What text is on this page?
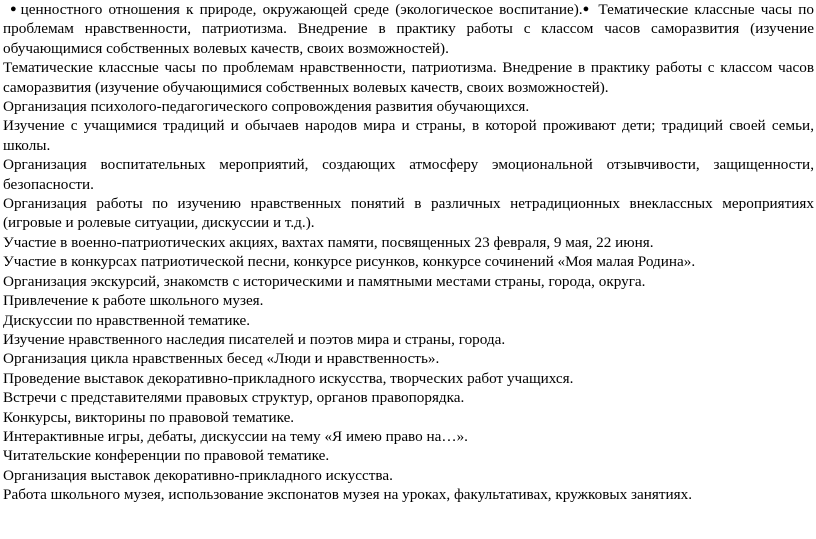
● ценностного отношения к природе, окружающей среде (экологическое воспитание).● Тематические классные часы по проблемам нравственности, патриотизма. Внедрение в практику работы с классом часов саморазвития (изучение обучающимися собственных волевых качеств, своих возможностей).

Тематические классные часы по проблемам нравственности, патриотизма. Внедрение в практику работы с классом часов саморазвития (изучение обучающимися собственных волевых качеств, своих возможностей).

Организация психолого-педагогического сопровождения развития обучающихся.

Изучение с учащимися традиций и обычаев народов мира и страны, в которой проживают дети; традиций своей семьи, школы.

Организация воспитательных мероприятий, создающих атмосферу эмоциональной отзывчивости, защищенности, безопасности.

Организация работы по изучению нравственных понятий в различных нетрадиционных внеклассных мероприятиях (игровые и ролевые ситуации, дискуссии и т.д.).

Участие в военно-патриотических акциях, вахтах памяти, посвященных 23 февраля, 9 мая, 22 июня.

Участие в конкурсах патриотической песни, конкурсе рисунков, конкурсе сочинений «Моя малая Родина».

Организация экскурсий, знакомств с историческими и памятными местами страны, города, округа.

Привлечение к работе школьного музея.

Дискуссии по нравственной тематике.

Изучение нравственного наследия писателей и поэтов мира и страны, города.

Организация цикла нравственных бесед «Люди и нравственность».

Проведение выставок декоративно-прикладного искусства, творческих работ учащихся.

Встречи с представителями правовых структур, органов правопорядка.

Конкурсы, викторины по правовой тематике.

Интерактивные игры, дебаты, дискуссии на тему «Я имею право на…».

Читательские конференции по правовой тематике.

Организация выставок декоративно-прикладного искусства.

Работа школьного музея, использование экспонатов музея на уроках, факультативах, кружковых занятиях.
